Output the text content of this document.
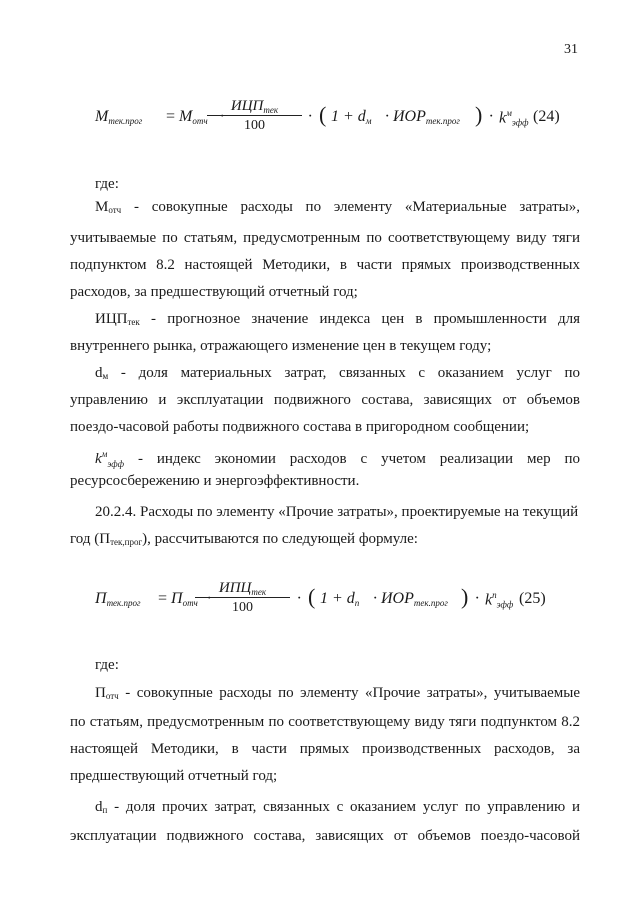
31
$М_{тек.прог} = М_{отч}$ ·
$ИЦП_{тек}$
100
· ( $1 + d_м \cdot ИОР_{тек.прог}$ ) · $k^м_{эфф}$ (24)
где:
Мотч - совокупные расходы по элементу «Материальные затраты»,
учитываемые по статьям, предусмотренным по соответствующему виду тяги
подпунктом 8.2 настоящей Методики, в части прямых производственных
расходов, за предшествующий отчетный год;
ИЦПтек - прогнозное значение индекса цен в промышленности для
внутреннего рынка, отражающего изменение цен в текущем году;
dм - доля материальных затрат, связанных с оказанием услуг по
управлению и эксплуатации подвижного состава, зависящих от объемов
поездо-часовой работы подвижного состава в пригородном сообщении;
$k^м_{эфф}$ - индекс экономии расходов с учетом реализации мер по
ресурсосбережению и энергоэффективности.
20.2.4. Расходы по элементу «Прочие затраты», проектируемые на текущий
год (Птек,прог), рассчитываются по следующей формуле:
$П_{тек.прог} = П_{отч}$ ·
$ИПЦ_{тек}$
100
· ( $1 + d_п \cdot ИОР_{тек.прог}$ ) · $k^п_{эфф}$ (25)
где:
Потч - совокупные расходы по элементу «Прочие затраты», учитываемые
по статьям, предусмотренным по соответствующему виду тяги подпунктом 8.2
настоящей Методики, в части прямых производственных расходов, за
предшествующий отчетный год;
dп - доля прочих затрат, связанных с оказанием услуг по управлению и
эксплуатации подвижного состава, зависящих от объемов поездо-часовой
